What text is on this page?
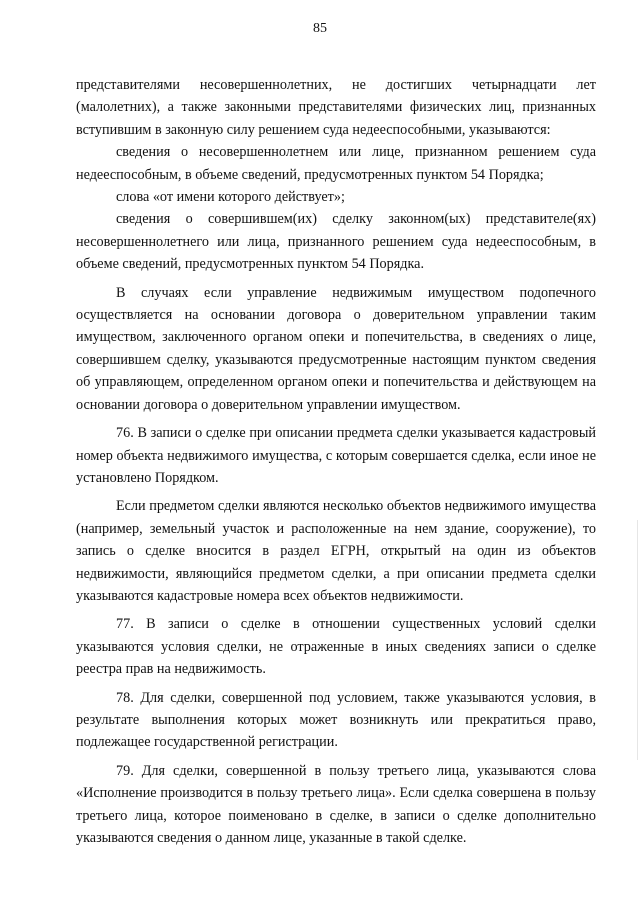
85

представителями несовершеннолетних, не достигших четырнадцати лет (малолетних), а также законными представителями физических лиц, признанных вступившим в законную силу решением суда недееспособными, указываются:

сведения о несовершеннолетнем или лице, признанном решением суда недееспособным, в объеме сведений, предусмотренных пунктом 54 Порядка;

слова «от имени которого действует»;

сведения о совершившем(их) сделку законном(ых) представителе(ях) несовершеннолетнего или лица, признанного решением суда недееспособным, в объеме сведений, предусмотренных пунктом 54 Порядка.

В случаях если управление недвижимым имуществом подопечного осуществляется на основании договора о доверительном управлении таким имуществом, заключенного органом опеки и попечительства, в сведениях о лице, совершившем сделку, указываются предусмотренные настоящим пунктом сведения об управляющем, определенном органом опеки и попечительства и действующем на основании договора о доверительном управлении имуществом.

76. В записи о сделке при описании предмета сделки указывается кадастровый номер объекта недвижимого имущества, с которым совершается сделка, если иное не установлено Порядком.

Если предметом сделки являются несколько объектов недвижимого имущества (например, земельный участок и расположенные на нем здание, сооружение), то запись о сделке вносится в раздел ЕГРН, открытый на один из объектов недвижимости, являющийся предметом сделки, а при описании предмета сделки указываются кадастровые номера всех объектов недвижимости.

77. В записи о сделке в отношении существенных условий сделки указываются условия сделки, не отраженные в иных сведениях записи о сделке реестра прав на недвижимость.

78. Для сделки, совершенной под условием, также указываются условия, в результате выполнения которых может возникнуть или прекратиться право, подлежащее государственной регистрации.

79. Для сделки, совершенной в пользу третьего лица, указываются слова «Исполнение производится в пользу третьего лица». Если сделка совершена в пользу третьего лица, которое поименовано в сделке, в записи о сделке дополнительно указываются сведения о данном лице, указанные в такой сделке.
